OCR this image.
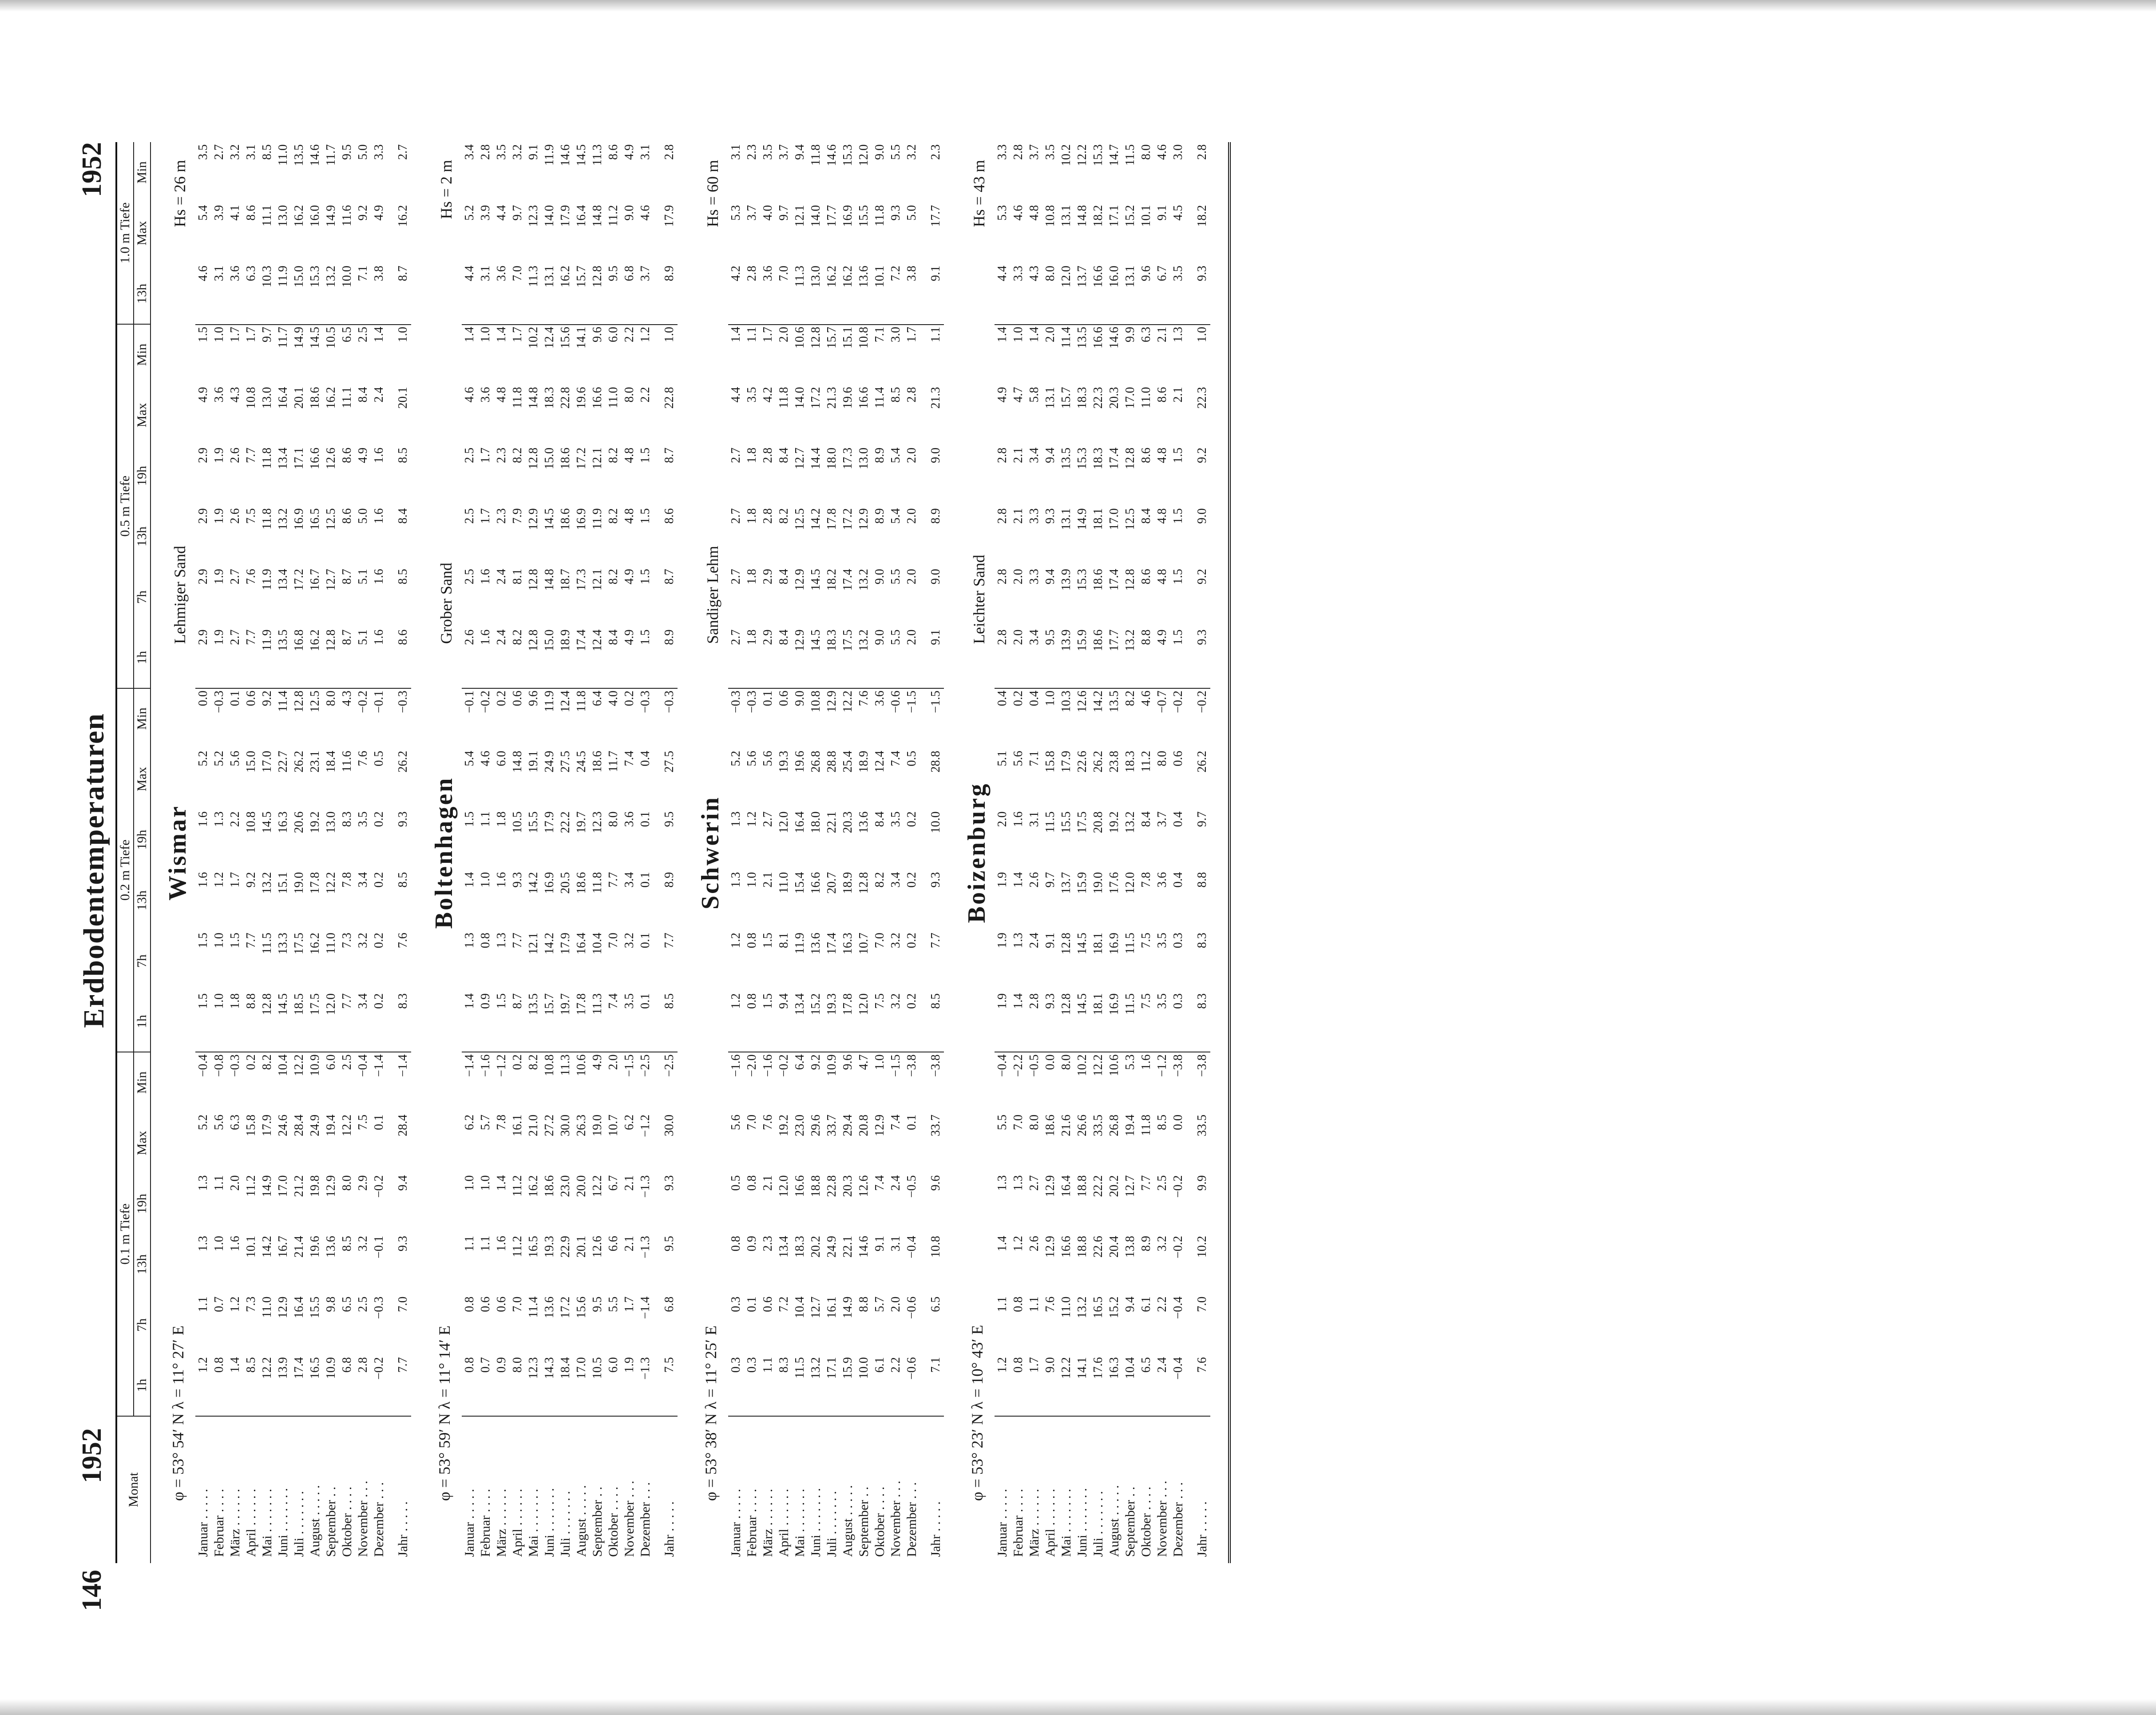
146
1952
Erdbodentemperaturen
1952
Monat	0.1 m Tiefe						0.2 m Tiefe						0.5 m Tiefe						1.0 m Tiefe		
	1h	7h	13h	19h	Max	Min	1h	7h	13h	19h	Max	Min	1h	7h	13h	19h	Max	Min	13h	Max	Min
Wismar
φ = 53° 54′ N λ = 11° 27′ E
Lehmiger Sand
Hs = 26 m
Januar . . . . .	1.2	1.1	1.3	1.3	5.2	−0.4	1.5	1.5	1.6	1.6	5.2	0.0	2.9	2.9	2.9	2.9	4.9	1.5	4.6	5.4	3.5
Februar . . . .	0.8	0.7	1.0	1.1	5.6	−0.8	1.0	1.0	1.2	1.3	5.2	−0.3	1.9	1.9	1.9	1.9	3.6	1.0	3.1	3.9	2.7
März . . . . . .	1.4	1.2	1.6	2.0	6.3	−0.3	1.8	1.5	1.7	2.2	5.6	0.1	2.7	2.7	2.6	2.6	4.3	1.7	3.6	4.1	3.2
April . . . . . .	8.5	7.3	10.1	11.2	15.8	0.2	8.8	7.7	9.2	10.8	15.0	0.6	7.7	7.6	7.5	7.7	10.8	1.7	6.3	8.6	3.1
Mai . . . . . . .	12.2	11.0	14.2	14.9	17.9	8.2	12.8	11.5	13.2	14.5	17.0	9.2	11.9	11.9	11.8	11.8	13.0	9.7	10.3	11.1	8.5
Juni . . . . . . .	13.9	12.9	16.7	17.0	24.6	10.4	14.5	13.3	15.1	16.3	22.7	11.4	13.5	13.4	13.2	13.4	16.4	11.7	11.9	13.0	11.0
Juli . . . . . . .	17.4	16.4	21.4	21.2	28.4	12.2	18.5	17.5	19.0	20.6	26.2	12.8	16.8	17.2	16.9	17.1	20.1	14.9	15.0	16.2	13.5
August . . . . .	16.5	15.5	19.6	19.8	24.9	10.9	17.5	16.2	17.8	19.2	23.1	12.5	16.2	16.7	16.5	16.6	18.6	14.5	15.3	16.0	14.6
September . .	10.9	9.8	13.6	12.9	19.4	6.0	12.0	11.0	12.2	13.0	18.4	8.0	12.8	12.7	12.5	12.6	16.2	10.5	13.2	14.9	11.7
Oktober . . . .	6.8	6.5	8.5	8.0	12.2	2.5	7.7	7.3	7.8	8.3	11.6	4.3	8.7	8.7	8.6	8.6	11.1	6.5	10.0	11.6	9.5
November . . .	2.8	2.5	3.2	2.9	7.5	−0.4	3.4	3.2	3.4	3.5	7.6	−0.2	5.1	5.1	5.0	4.9	8.4	2.5	7.1	9.2	5.0
Dezember . . .	−0.2	−0.3	−0.1	−0.2	0.1	−1.4	0.2	0.2	0.2	0.2	0.5	−0.1	1.6	1.6	1.6	1.6	2.4	1.4	3.8	4.9	3.3
Jahr . . . . .	7.7	7.0	9.3	9.4	28.4	−1.4	8.3	7.6	8.5	9.3	26.2	−0.3	8.6	8.5	8.4	8.5	20.1	1.0	8.7	16.2	2.7
Boltenhagen
φ = 53° 59′ N λ = 11° 14′ E
Grober Sand
Hs = 2 m
Januar . . . . .	0.8	0.8	1.1	1.0	6.2	−1.4	1.4	1.3	1.4	1.5	5.4	−0.1	2.6	2.5	2.5	2.5	4.6	1.4	4.4	5.2	3.4
Februar . . . .	0.7	0.6	1.1	1.0	5.7	−1.6	0.9	0.8	1.0	1.1	4.6	−0.2	1.6	1.6	1.7	1.7	3.6	1.0	3.1	3.9	2.8
März . . . . . .	0.9	0.6	1.6	1.4	7.8	−1.2	1.5	1.3	1.6	1.8	6.0	0.2	2.4	2.4	2.3	2.3	4.8	1.4	3.6	4.4	3.5
April . . . . . .	8.0	7.0	11.2	11.2	16.1	0.2	8.7	7.7	9.3	10.5	14.8	0.6	8.2	8.1	7.9	8.2	11.8	1.7	7.0	9.7	3.2
Mai . . . . . . .	12.3	11.4	16.5	16.2	21.0	8.2	13.5	12.1	14.2	15.5	19.1	9.6	12.8	12.8	12.9	12.8	14.8	10.2	11.3	12.3	9.1
Juni . . . . . . .	14.3	13.6	19.3	18.6	27.2	10.8	15.7	14.2	16.9	17.9	24.9	11.9	15.0	14.8	14.5	15.0	18.3	12.4	13.1	14.0	11.9
Juli . . . . . . .	18.4	17.2	22.9	23.0	30.0	11.3	19.7	17.9	20.5	22.2	27.5	12.4	18.9	18.7	18.6	18.6	22.8	15.6	16.2	17.9	14.6
August . . . . .	17.0	15.6	20.1	20.0	26.3	10.6	17.8	16.4	18.6	19.7	24.5	11.8	17.4	17.3	16.9	17.2	19.6	14.1	15.7	16.4	14.5
September . .	10.5	9.5	12.6	12.2	19.0	4.9	11.3	10.4	11.8	12.3	18.6	6.4	12.4	12.1	11.9	12.1	16.6	9.6	12.8	14.8	11.3
Oktober . . . .	6.0	5.5	6.6	6.7	10.7	2.0	7.4	7.0	7.7	8.0	11.7	4.0	8.4	8.2	8.2	8.2	11.0	6.0	9.5	11.2	8.6
November . . .	1.9	1.7	2.1	2.1	6.2	−1.5	3.5	3.2	3.4	3.6	7.4	0.2	4.9	4.9	4.8	4.8	8.0	2.2	6.8	9.0	4.9
Dezember . . .	−1.3	−1.4	−1.3	−1.3	−1.2	−2.5	0.1	0.1	0.1	0.1	0.4	−0.3	1.5	1.5	1.5	1.5	2.2	1.2	3.7	4.6	3.1
Jahr . . . . .	7.5	6.8	9.5	9.3	30.0	−2.5	8.5	7.7	8.9	9.5	27.5	−0.3	8.9	8.7	8.6	8.7	22.8	1.0	8.9	17.9	2.8
Schwerin
φ = 53° 38′ N λ = 11° 25′ E
Sandiger Lehm
Hs = 60 m
Januar . . . . .	0.3	0.3	0.8	0.5	5.6	−1.6	1.2	1.2	1.3	1.3	5.2	−0.3	2.7	2.7	2.7	2.7	4.4	1.4	4.2	5.3	3.1
Februar . . . .	0.3	0.1	0.9	0.8	7.0	−2.0	0.8	0.8	1.0	1.2	5.6	−0.3	1.8	1.8	1.8	1.8	3.5	1.1	2.8	3.7	2.3
März . . . . . .	1.1	0.6	2.3	2.1	7.6	−1.6	1.5	1.5	2.1	2.7	5.6	0.1	2.9	2.9	2.8	2.8	4.2	1.7	3.6	4.0	3.5
April . . . . . .	8.3	7.2	13.4	12.0	19.2	−0.2	9.4	8.1	11.0	12.0	19.3	0.6	8.4	8.4	8.2	8.4	11.8	2.0	7.0	9.7	3.7
Mai . . . . . . .	11.5	10.4	18.3	16.6	23.0	6.4	13.4	11.9	15.4	16.4	19.6	9.0	12.9	12.9	12.5	12.7	14.0	10.6	11.3	12.1	9.4
Juni . . . . . . .	13.2	12.7	20.2	18.8	29.6	9.2	15.2	13.6	16.6	18.0	26.8	10.8	14.5	14.5	14.2	14.4	17.2	12.8	13.0	14.0	11.8
Juli . . . . . . .	17.1	16.1	24.9	22.8	33.7	10.9	19.3	17.4	20.7	22.1	28.8	12.9	18.3	18.2	17.8	18.0	21.3	15.7	16.2	17.7	14.6
August . . . . .	15.9	14.9	22.1	20.3	29.4	9.6	17.8	16.3	18.9	20.3	25.4	12.2	17.5	17.4	17.2	17.3	19.6	15.1	16.2	16.9	15.3
September . .	10.0	8.8	14.6	12.6	20.8	4.7	12.0	10.7	12.8	13.6	18.9	7.6	13.2	13.2	12.9	13.0	16.6	10.8	13.6	15.5	12.0
Oktober . . . .	6.1	5.7	9.1	7.4	12.9	1.0	7.5	7.0	8.2	8.4	12.4	3.6	9.0	9.0	8.9	8.9	11.4	7.1	10.1	11.8	9.0
November . . .	2.2	2.0	3.1	2.4	7.4	−1.5	3.2	3.2	3.4	3.5	7.4	−0.6	5.5	5.5	5.4	5.4	8.5	3.0	7.2	9.3	5.5
Dezember . . .	−0.6	−0.6	−0.4	−0.5	0.1	−3.8	0.2	0.2	0.2	0.2	0.5	−1.5	2.0	2.0	2.0	2.0	2.8	1.7	3.8	5.0	3.2
Jahr . . . . .	7.1	6.5	10.8	9.6	33.7	−3.8	8.5	7.7	9.3	10.0	28.8	−1.5	9.1	9.0	8.9	9.0	21.3	1.1	9.1	17.7	2.3
Boizenburg
φ = 53° 23′ N λ = 10° 43′ E
Leichter Sand
Hs = 43 m
Januar . . . . .	1.2	1.1	1.4	1.3	5.5	−0.4	1.9	1.9	1.9	2.0	5.1	0.4	2.8	2.8	2.8	2.8	4.9	1.4	4.4	5.3	3.3
Februar . . . .	0.8	0.8	1.2	1.3	7.0	−2.2	1.4	1.3	1.4	1.6	5.6	0.2	2.0	2.0	2.1	2.1	4.7	1.0	3.3	4.6	2.8
März . . . . . .	1.7	1.1	2.6	2.7	8.0	−0.5	2.8	2.4	2.6	3.1	7.1	0.4	3.4	3.3	3.3	3.4	5.8	1.4	4.3	4.8	3.7
April . . . . . .	9.0	7.6	12.9	12.9	18.6	0.0	9.3	9.1	9.7	11.5	15.8	1.0	9.5	9.4	9.3	9.4	13.1	2.0	8.0	10.8	3.5
Mai . . . . . . .	12.2	11.0	16.6	16.4	21.6	8.0	12.8	12.8	13.7	15.5	17.9	10.3	13.9	13.9	13.1	13.5	15.7	11.4	12.0	13.1	10.2
Juni . . . . . . .	14.1	13.2	18.8	18.8	26.6	10.2	14.5	14.5	15.9	17.5	22.6	12.6	15.9	15.3	14.9	15.3	18.3	13.5	13.7	14.8	12.2
Juli . . . . . . .	17.6	16.5	22.6	22.2	33.5	12.2	18.1	18.1	19.0	20.8	26.2	14.2	18.6	18.6	18.1	18.3	22.3	16.6	16.6	18.2	15.3
August . . . . .	16.3	15.2	20.4	20.2	26.8	10.6	16.9	16.9	17.6	19.2	23.8	13.5	17.7	17.4	17.0	17.4	20.3	14.6	16.0	17.1	14.7
September . .	10.4	9.4	13.8	12.7	19.4	5.3	11.5	11.5	12.0	13.2	18.3	8.2	13.2	12.8	12.5	12.8	17.0	9.9	13.1	15.2	11.5
Oktober . . . .	6.5	6.1	8.9	7.7	11.8	1.6	7.5	7.5	7.8	8.4	11.2	4.6	8.8	8.6	8.4	8.6	11.0	6.3	9.6	10.1	8.0
November . . .	2.4	2.2	3.2	2.5	8.5	−1.2	3.5	3.5	3.6	3.7	8.0	−0.7	4.9	4.8	4.8	4.8	8.6	2.1	6.7	9.1	4.6
Dezember . . .	−0.4	−0.4	−0.2	−0.2	0.0	−3.8	0.3	0.3	0.4	0.4	0.6	−0.2	1.5	1.5	1.5	1.5	2.1	1.3	3.5	4.5	3.0
Jahr . . . . .	7.6	7.0	10.2	9.9	33.5	−3.8	8.3	8.3	8.8	9.7	26.2	−0.2	9.3	9.2	9.0	9.2	22.3	1.0	9.3	18.2	2.8
